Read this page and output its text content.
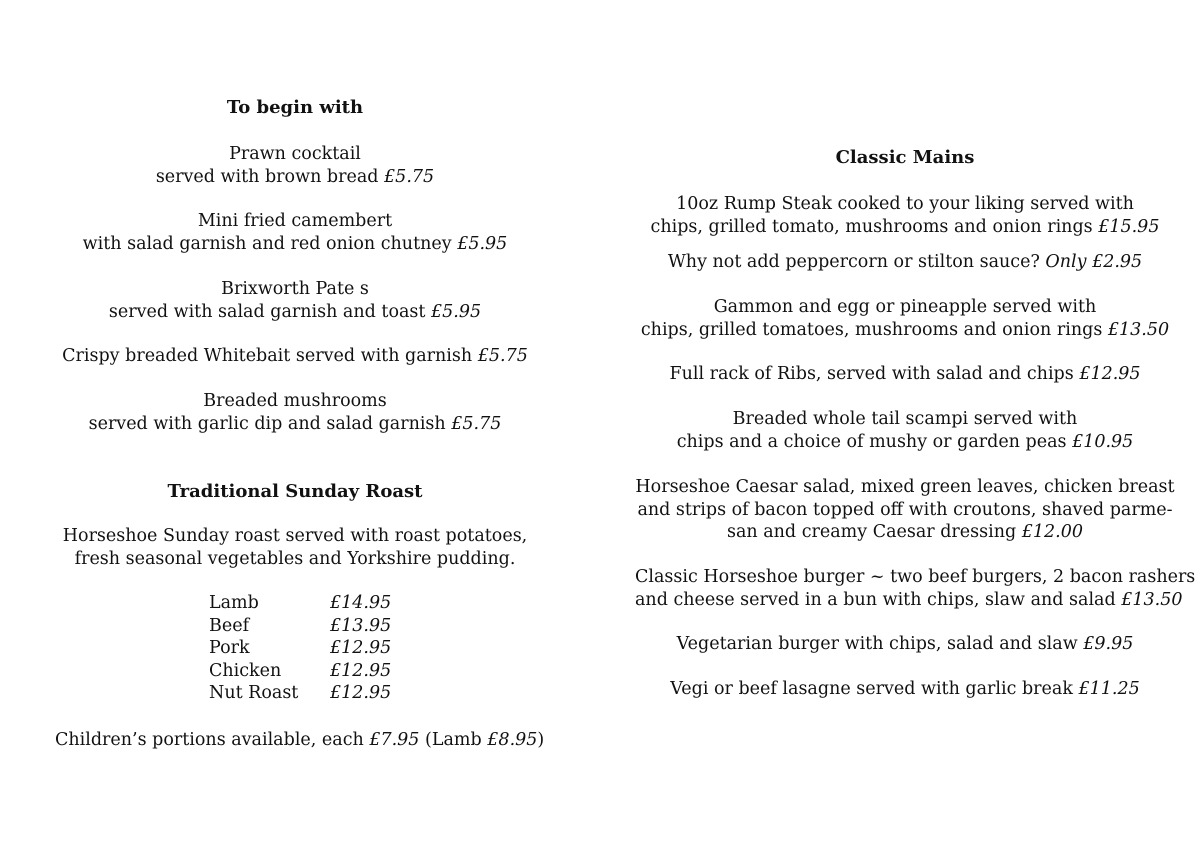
To begin with
Prawn cocktail
served with brown bread £5.75
Mini fried camembert
with salad garnish and red onion chutney £5.95
Brixworth Pate s
served with salad garnish and toast £5.95
Crispy breaded Whitebait served with garnish £5.75
Breaded mushrooms
served with garlic dip and salad garnish £5.75
Traditional Sunday Roast
Horseshoe Sunday roast served with roast potatoes,
fresh seasonal vegetables and Yorkshire pudding.
Lamb	£14.95
Beef	£13.95
Pork	£12.95
Chicken	£12.95
Nut Roast	£12.95
Children’s portions available, each £7.95 (Lamb £8.95)
Classic Mains
10oz Rump Steak cooked to your liking served with
chips, grilled tomato, mushrooms and onion rings £15.95
Why not add peppercorn or stilton sauce? Only £2.95
Gammon and egg or pineapple served with
chips, grilled tomatoes, mushrooms and onion rings £13.50
Full rack of Ribs, served with salad and chips £12.95
Breaded whole tail scampi served with
chips and a choice of mushy or garden peas £10.95
Horseshoe Caesar salad, mixed green leaves, chicken breast
and strips of bacon topped off with croutons, shaved parme-
san and creamy Caesar dressing £12.00
Classic Horseshoe burger ~ two beef burgers, 2 bacon rashers
and cheese served in a bun with chips, slaw and salad £13.50
Vegetarian burger with chips, salad and slaw £9.95
Vegi or beef lasagne served with garlic break £11.25
